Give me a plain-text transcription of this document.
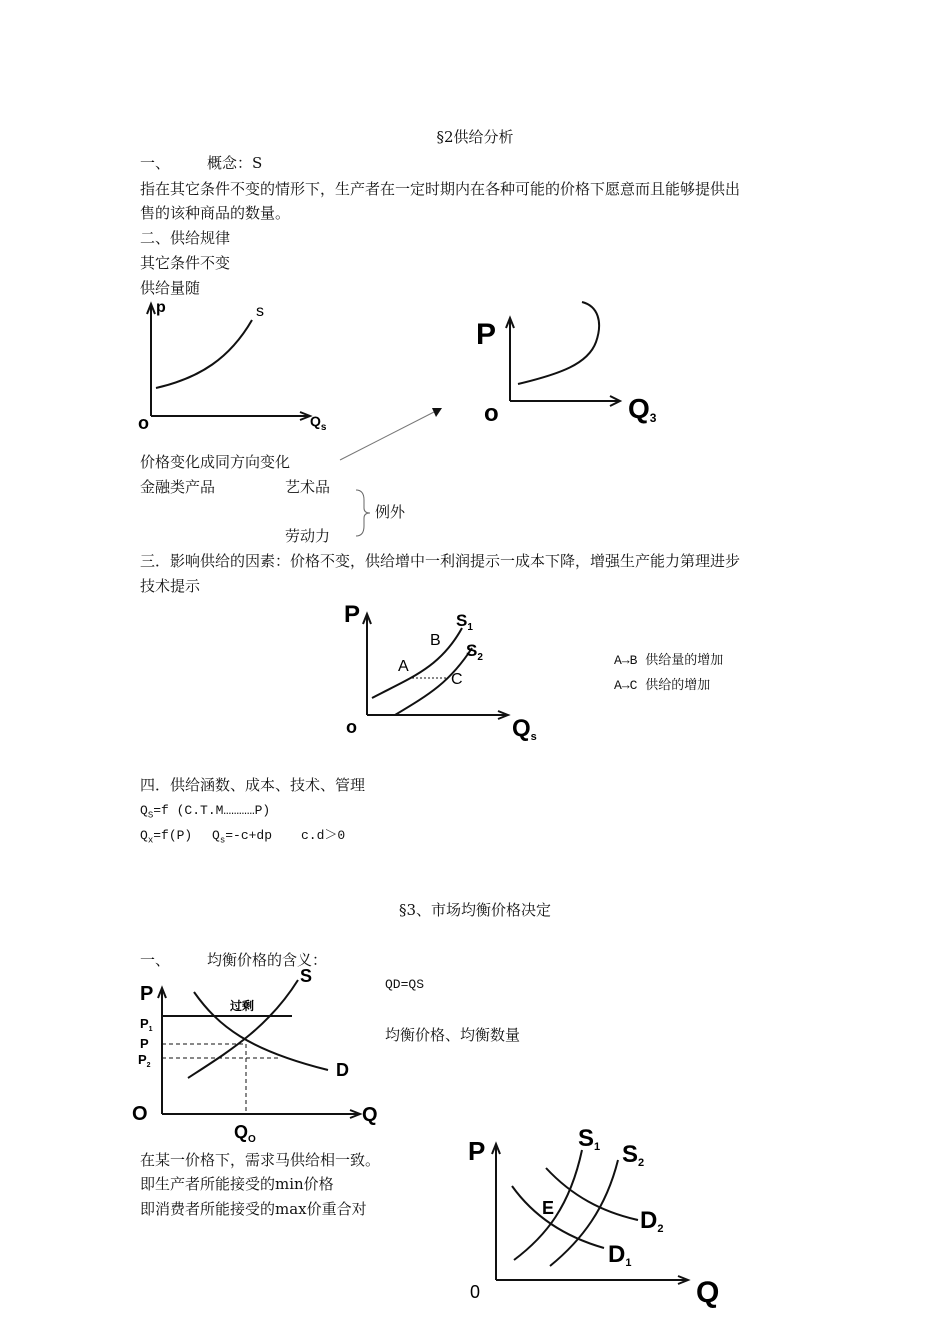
§2供给分析
一、 概念：S
指在其它条件不变的情形下，生产者在一定时期内在各种可能的价格下愿意而且能够提供出
售的该种商品的数量。
二、供给规律
其它条件不变
供给量随
p	s
o	$Q_s$
P
o	Q3
价格变化成同方向变化
金融类产品	艺术品
劳动力
例外
三．影响供给的因素：价格不变，供给增中一利润提示一成本下降，增强生产能力第理进步
技术提示
P	$S_1$
$S_2$
B
A
C
o	Qs
A→B 供给量的增加
A→C 供给的增加
四．供给涵数、成本、技术、管理
$Q_S=f$ (C.T.M…………P)
$Q_x=f(P)$ $Q_s=-c+dp$ c.d＞0
§3、市场均衡价格决定
一、 均衡价格的含义：
P
S
过剩
$P_1$
P
$P_2$	D
O	Q
$Q_O$
QD=QS
均衡价格、均衡数量
在某一价格下，需求马供给相一致。
即生产者所能接受的min价格
即消费者所能接受的max价重合对
P	S1 S2
E	D2
D1
0	Q
